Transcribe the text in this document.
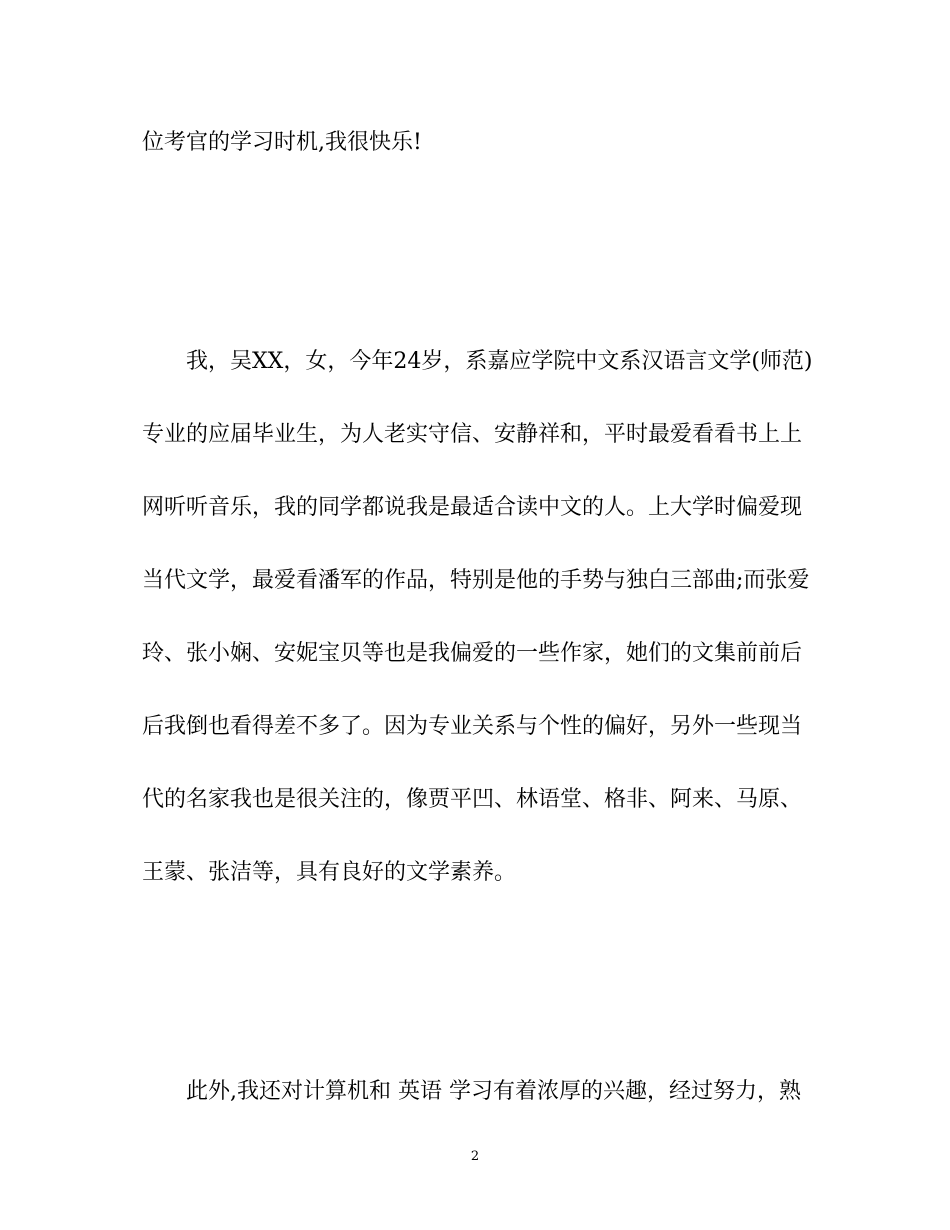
位考官的学习时机,我很快乐!
我，吴XX，女，今年24岁，系嘉应学院中文系汉语言文学(师范)
专业的应届毕业生，为人老实守信、安静祥和，平时最爱看看书上上
网听听音乐，我的同学都说我是最适合读中文的人。上大学时偏爱现
当代文学，最爱看潘军的作品，特别是他的手势与独白三部曲;而张爱
玲、张小娴、安妮宝贝等也是我偏爱的一些作家，她们的文集前前后
后我倒也看得差不多了。因为专业关系与个性的偏好，另外一些现当
代的名家我也是很关注的，像贾平凹、林语堂、格非、阿来、马原、
王蒙、张洁等，具有良好的文学素养。
此外,我还对计算机和 英语 学习有着浓厚的兴趣，经过努力，熟
2
